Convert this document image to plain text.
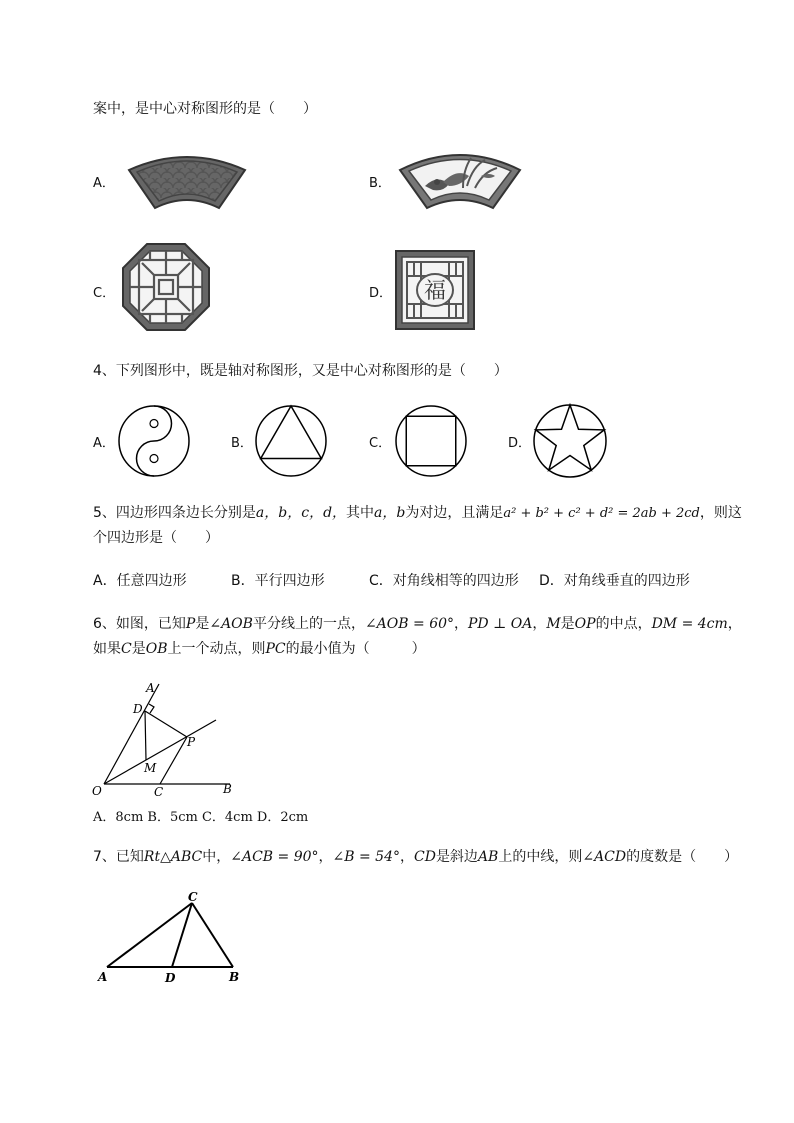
案中，是中心对称图形的是（　　）
A．	B．
C．	D． 福
4、下列图形中，既是轴对称图形，又是中心对称图形的是（　　）
A．	B．	C．	D．
5、四边形四条边长分别是a，b，c，d，其中a，b为对边，且满足a² + b² + c² + d² = 2ab + 2cd，则这
个四边形是（　　）
A．任意四边形	B．平行四边形	C．对角线相等的四边形 D．对角线垂直的四边形
6、如图，已知P是∠AOB平分线上的一点，∠AOB = 60°，PD ⊥ OA，M是OP的中点，DM = 4cm，
如果C是OB上一个动点，则PC的最小值为（　　　）
A
D
P
M
O	C	B
A．8cm B．5cm C．4cm D．2cm
7、已知Rt△ABC中，∠ACB = 90°，∠B = 54°，CD是斜边AB上的中线，则∠ACD的度数是（　　）
C
A	D	B
